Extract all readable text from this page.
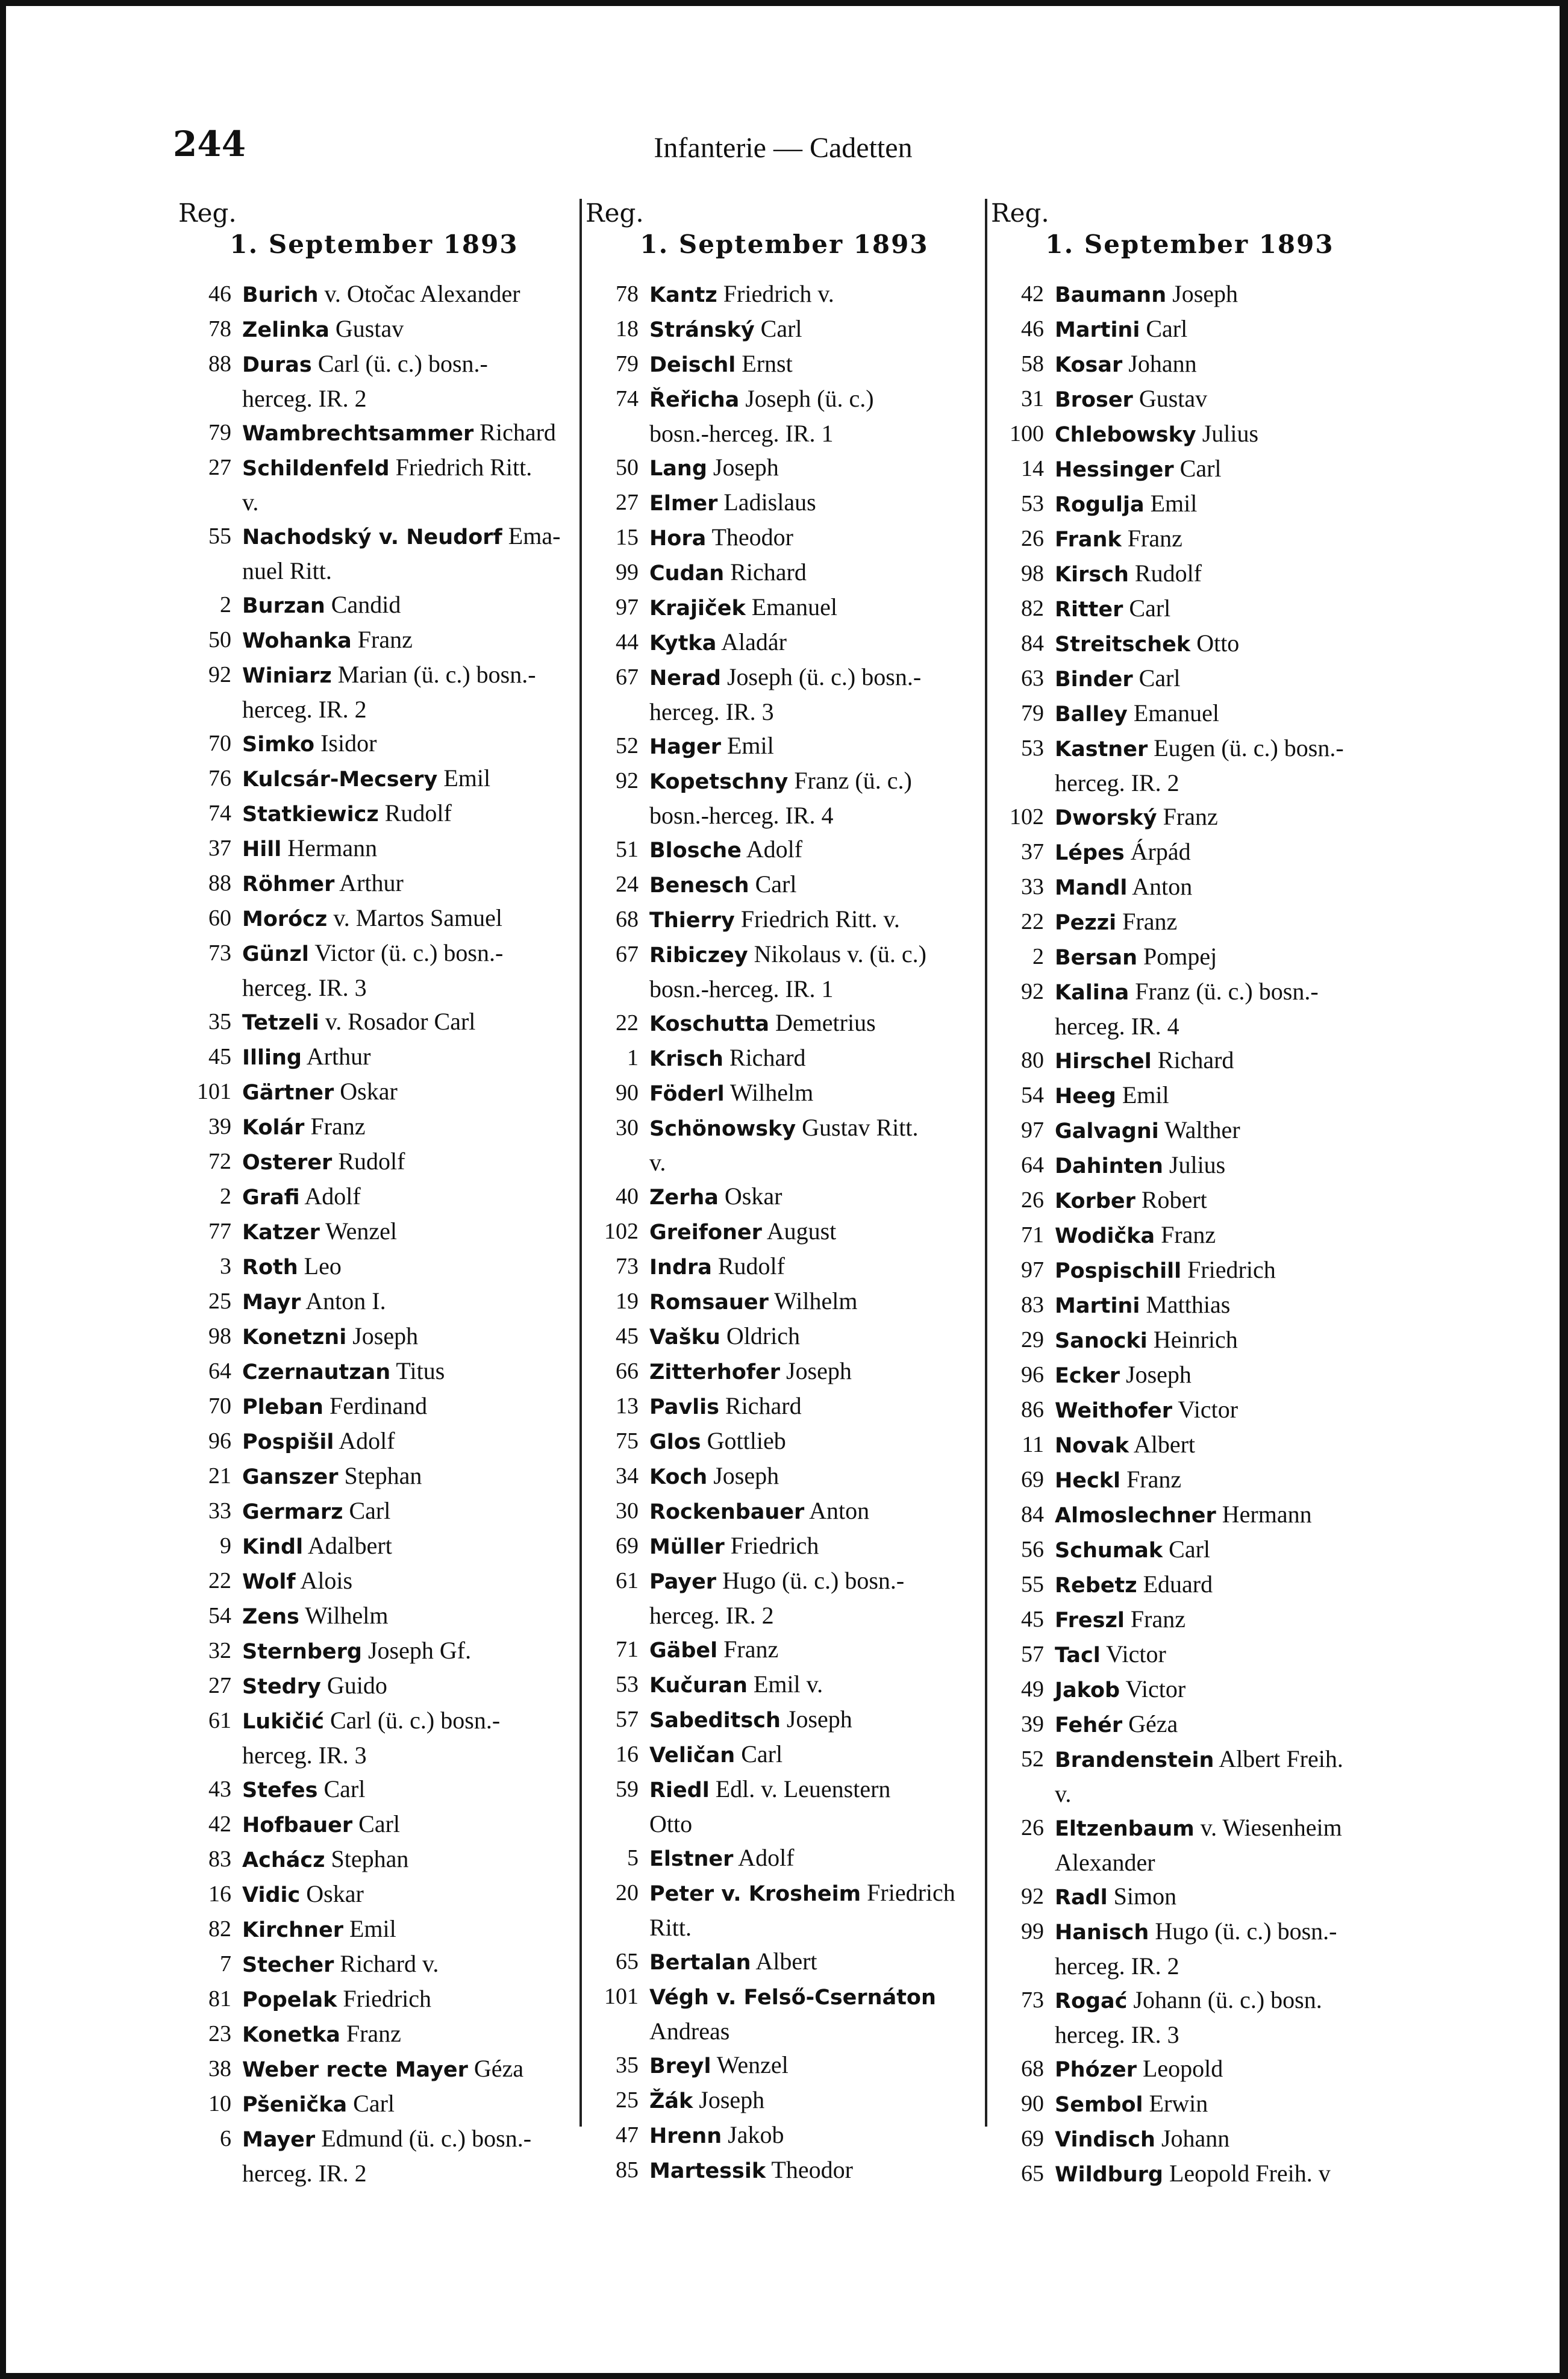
244	Infanterie — Cadetten
Reg.
1. September 1893
46 Burich v. Otočac Alexander
78 Zelinka Gustav
88 Duras Carl (ü. c.) bosn.-
herceg. IR. 2
79 Wambrechtsammer Richard
27 Schildenfeld Friedrich Ritt.
v.
55 Nachodský v. Neudorf Ema-
nuel Ritt.
2 Burzan Candid
50 Wohanka Franz
92 Winiarz Marian (ü. c.) bosn.-
herceg. IR. 2
70 Simko Isidor
76 Kulcsár-Mecsery Emil
74 Statkiewicz Rudolf
37 Hill Hermann
88 Röhmer Arthur
60 Morócz v. Martos Samuel
73 Günzl Victor (ü. c.) bosn.-
herceg. IR. 3
35 Tetzeli v. Rosador Carl
45 Illing Arthur
101 Gärtner Oskar
39 Kolár Franz
72 Osterer Rudolf
2 Grafi Adolf
77 Katzer Wenzel
3 Roth Leo
25 Mayr Anton I.
98 Konetzni Joseph
64 Czernautzan Titus
70 Pleban Ferdinand
96 Pospišil Adolf
21 Ganszer Stephan
33 Germarz Carl
9 Kindl Adalbert
22 Wolf Alois
54 Zens Wilhelm
32 Sternberg Joseph Gf.
27 Stedry Guido
61 Lukičić Carl (ü. c.) bosn.-
herceg. IR. 3
43 Stefes Carl
42 Hofbauer Carl
83 Achácz Stephan
16 Vidic Oskar
82 Kirchner Emil
7 Stecher Richard v.
81 Popelak Friedrich
23 Konetka Franz
38 Weber recte Mayer Géza
10 Pšenička Carl
6 Mayer Edmund (ü. c.) bosn.-
herceg. IR. 2
Reg.
1. September 1893
78 Kantz Friedrich v.
18 Stránský Carl
79 Deischl Ernst
74 Řeřicha Joseph (ü. c.)
bosn.-herceg. IR. 1
50 Lang Joseph
27 Elmer Ladislaus
15 Hora Theodor
99 Cudan Richard
97 Krajiček Emanuel
44 Kytka Aladár
67 Nerad Joseph (ü. c.) bosn.-
herceg. IR. 3
52 Hager Emil
92 Kopetschny Franz (ü. c.)
bosn.-herceg. IR. 4
51 Blosche Adolf
24 Benesch Carl
68 Thierry Friedrich Ritt. v.
67 Ribiczey Nikolaus v. (ü. c.)
bosn.-herceg. IR. 1
22 Koschutta Demetrius
1 Krisch Richard
90 Föderl Wilhelm
30 Schönowsky Gustav Ritt.
v.
40 Zerha Oskar
102 Greifoner August
73 Indra Rudolf
19 Romsauer Wilhelm
45 Vašku Oldrich
66 Zitterhofer Joseph
13 Pavlis Richard
75 Glos Gottlieb
34 Koch Joseph
30 Rockenbauer Anton
69 Müller Friedrich
61 Payer Hugo (ü. c.) bosn.-
herceg. IR. 2
71 Gäbel Franz
53 Kučuran Emil v.
57 Sabeditsch Joseph
16 Veličan Carl
59 Riedl Edl. v. Leuenstern
Otto
5 Elstner Adolf
20 Peter v. Krosheim Friedrich
Ritt.
65 Bertalan Albert
101 Végh v. Felső-Csernáton
Andreas
35 Breyl Wenzel
25 Žák Joseph
47 Hrenn Jakob
85 Martessik Theodor
Reg.
1. September 1893
42 Baumann Joseph
46 Martini Carl
58 Kosar Johann
31 Broser Gustav
100 Chlebowsky Julius
14 Hessinger Carl
53 Rogulja Emil
26 Frank Franz
98 Kirsch Rudolf
82 Ritter Carl
84 Streitschek Otto
63 Binder Carl
79 Balley Emanuel
53 Kastner Eugen (ü. c.) bosn.-
herceg. IR. 2
102 Dworský Franz
37 Lépes Árpád
33 Mandl Anton
22 Pezzi Franz
2 Bersan Pompej
92 Kalina Franz (ü. c.) bosn.-
herceg. IR. 4
80 Hirschel Richard
54 Heeg Emil
97 Galvagni Walther
64 Dahinten Julius
26 Korber Robert
71 Wodička Franz
97 Pospischill Friedrich
83 Martini Matthias
29 Sanocki Heinrich
96 Ecker Joseph
86 Weithofer Victor
11 Novak Albert
69 Heckl Franz
84 Almoslechner Hermann
56 Schumak Carl
55 Rebetz Eduard
45 Freszl Franz
57 Tacl Victor
49 Jakob Victor
39 Fehér Géza
52 Brandenstein Albert Freih.
v.
26 Eltzenbaum v. Wiesenheim
Alexander
92 Radl Simon
99 Hanisch Hugo (ü. c.) bosn.-
herceg. IR. 2
73 Rogać Johann (ü. c.) bosn.
herceg. IR. 3
68 Phózer Leopold
90 Sembol Erwin
69 Vindisch Johann
65 Wildburg Leopold Freih. v
